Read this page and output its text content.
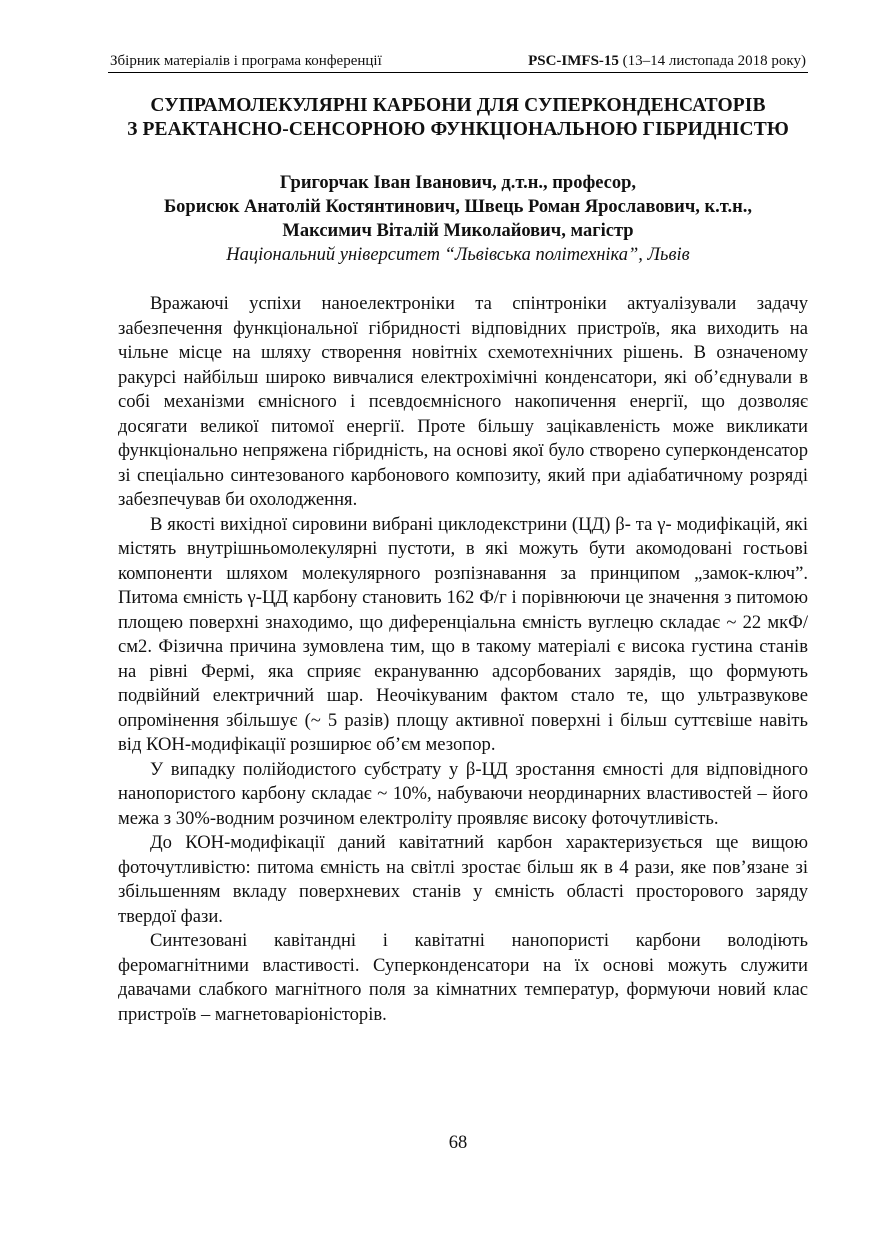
Збірник матеріалів і програма конференції	PSC-IMFS-15 (13–14 листопада 2018 року)
СУПРАМОЛЕКУЛЯРНІ КАРБОНИ ДЛЯ СУПЕРКОНДЕНСАТОРІВ
З РЕАКТАНСНО-СЕНСОРНОЮ ФУНКЦІОНАЛЬНОЮ ГІБРИДНІСТЮ
Григорчак Іван Іванович, д.т.н., професор,
Борисюк Анатолій Костянтинович, Швець Роман Ярославович, к.т.н.,
Максимич Віталій Миколайович, магістр
Національний університет “Львівська політехніка”, Львів

Вражаючі успіхи наноелектроніки та спінтроніки актуалізували задачу забезпечення функціональної гібридності відповідних пристроїв, яка виходить на чільне місце на шляху створення новітніх схемотехнічних рішень. В означеному ракурсі найбільш широко вивчалися електрохімічні конденсатори, які об’єднували в собі механізми ємнісного і псевдоємнісного накопичення енергії, що дозволяє досягати великої питомої енергії. Проте більшу зацікавленість може викликати функціонально непряжена гібридність, на основі якої було створено суперконденсатор зі спеціально синтезованого карбонового композиту, який при адіабатичному розряді забезпечував би охолодження.

В якості вихідної сировини вибрані циклодекстрини (ЦД) β- та γ- модифікацій, які містять внутрішньомолекулярні пустоти, в які можуть бути акомодовані гостьові компоненти шляхом молекулярного розпізнавання за принципом „замок-ключ”. Питома ємність γ-ЦД карбону становить 162 Ф/г і порівнюючи це значення з питомою площею поверхні знаходимо, що диференціальна ємність вуглецю складає ~ 22 мкФ/см2. Фізична причина зумовлена тим, що в такому матеріалі є висока густина станів на рівні Фермі, яка сприяє екрануванню адсорбованих зарядів, що формують подвійний електричний шар. Неочікуваним фактом стало те, що ультразвукове опромінення збільшує (~ 5 разів) площу активної поверхні і більш суттєвіше навіть від КОН-модифікації розширює об’єм мезопор.

У випадку полійодистого субстрату у β-ЦД зростання ємності для відповідного нанопористого карбону складає ~ 10%, набуваючи неординарних властивостей – його межа з 30%-водним розчином електроліту проявляє високу фоточутливість.

До КОН-модифікації даний кавітатний карбон характеризується ще вищою фоточутливістю: питома ємність на світлі зростає більш як в 4 рази, яке пов’язане зі збільшенням вкладу поверхневих станів у ємність області просторового заряду твердої фази.

Синтезовані кавітандні і кавітатні нанопористі карбони володіють феромагнітними властивості. Суперконденсатори на їх основі можуть служити давачами слабкого магнітного поля за кімнатних температур, формуючи новий клас пристроїв – магнетоваріоністорів.

68
